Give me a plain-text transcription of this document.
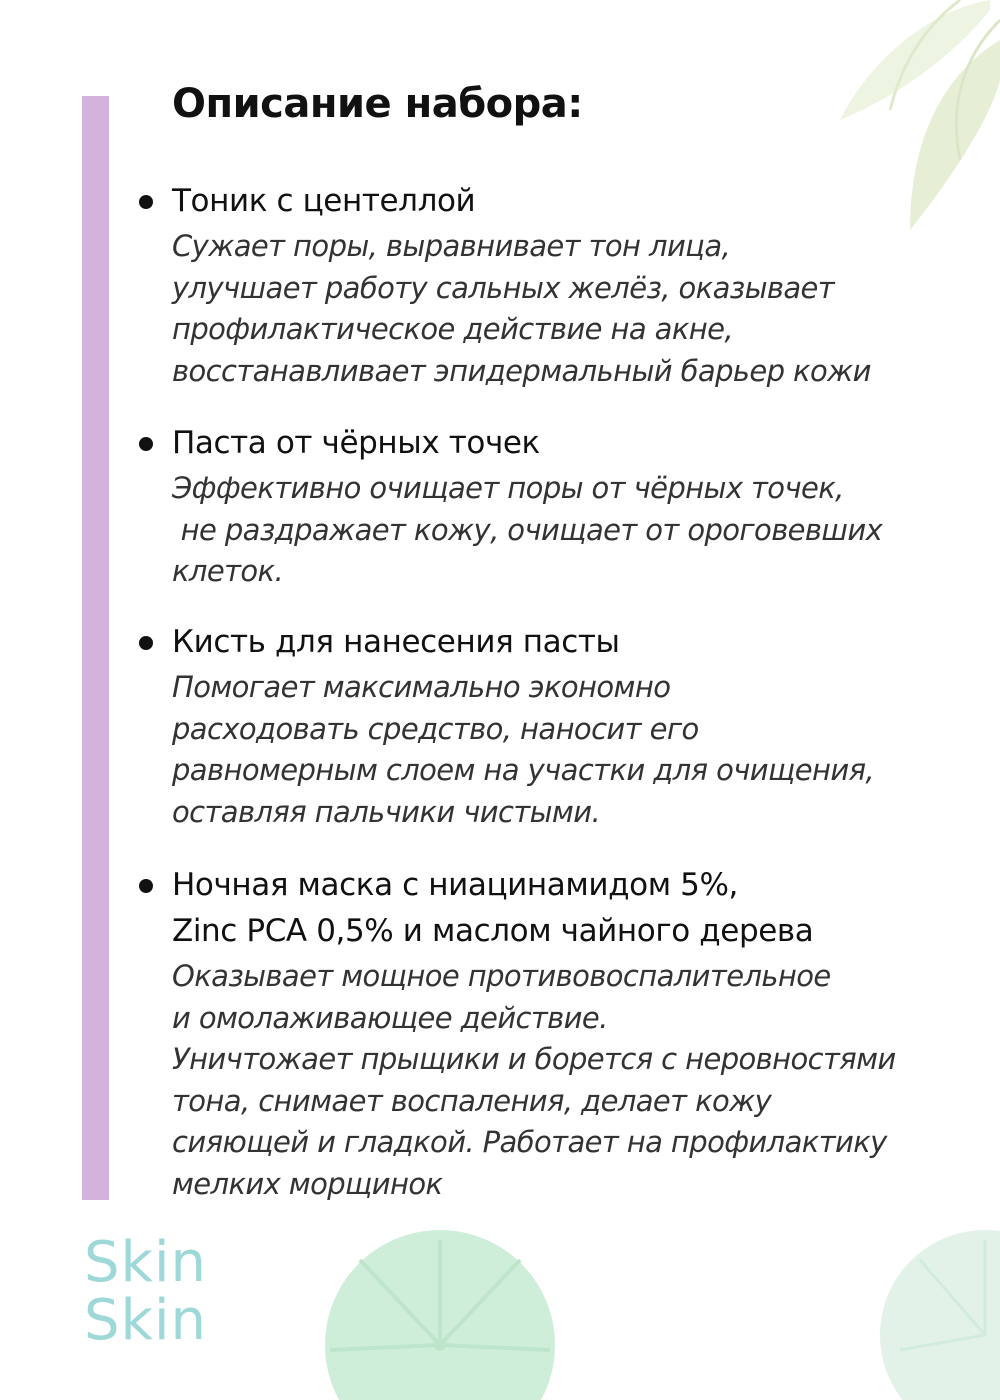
Описание набора:
Тоник с центеллой
Сужает поры, выравнивает тон лица,
улучшает работу сальных желёз, оказывает
профилактическое действие на акне,
восстанавливает эпидермальный барьер кожи
Паста от чёрных точек
Эффективно очищает поры от чёрных точек,
не раздражает кожу, очищает от ороговевших
клеток.
Кисть для нанесения пасты
Помогает максимально экономно
расходовать средство, наносит его
равномерным слоем на участки для очищения,
оставляя пальчики чистыми.
Ночная маска с ниацинамидом 5%,
Zinc PCA 0,5% и маслом чайного дерева
Оказывает мощное противовоспалительное
и омолаживающее действие.
Уничтожает прыщики и борется с неровностями
тона, снимает воспаления, делает кожу
сияющей и гладкой. Работает на профилактику
мелких морщинок
Skin
Skin
